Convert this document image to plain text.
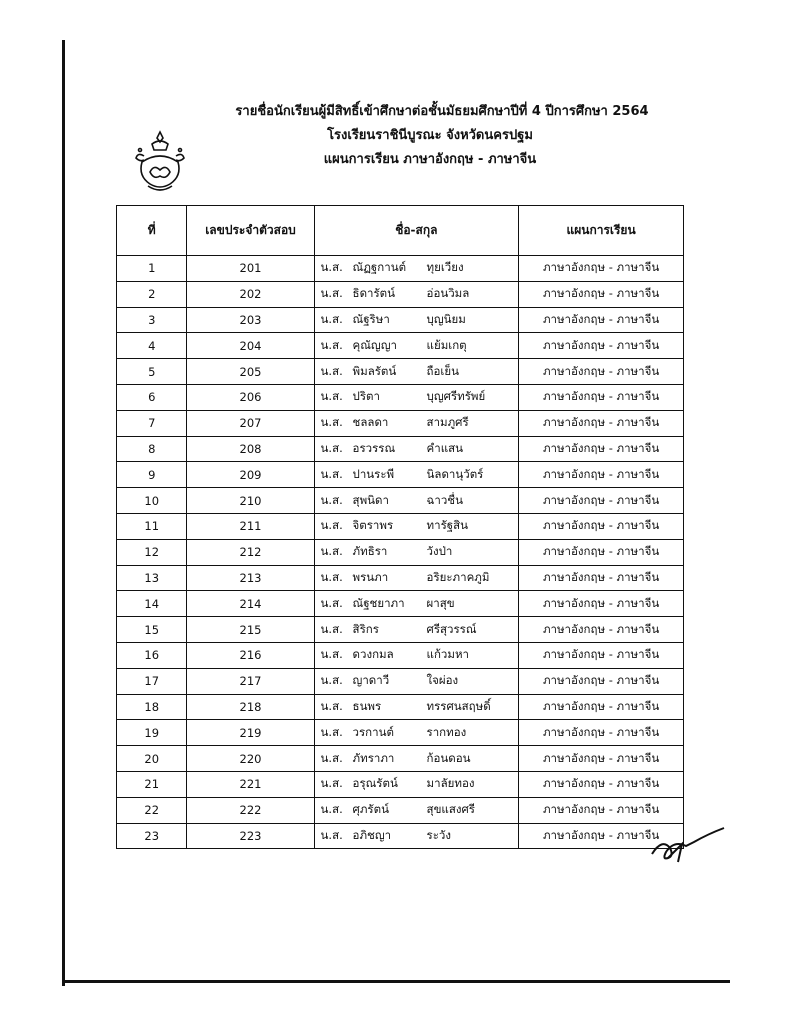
รายชื่อนักเรียนผู้มีสิทธิ์เข้าศึกษาต่อชั้นมัธยมศึกษาปีที่ 4 ปีการศึกษา 2564
โรงเรียนราชินีบูรณะ จังหวัดนครปฐม
แผนการเรียน ภาษาอังกฤษ - ภาษาจีน
ที่	เลขประจำตัวสอบ	ชื่อ-สกุล	แผนการเรียน
1	201	น.ส. ณัฏฐกานต์ ทุยเวียง	ภาษาอังกฤษ - ภาษาจีน
2	202	น.ส. ธิดารัตน์ อ่อนวิมล	ภาษาอังกฤษ - ภาษาจีน
3	203	น.ส. ณัฐริษา บุญนิยม	ภาษาอังกฤษ - ภาษาจีน
4	204	น.ส. คุณัญญา แย้มเกตุ	ภาษาอังกฤษ - ภาษาจีน
5	205	น.ส. พิมลรัตน์ ถือเย็น	ภาษาอังกฤษ - ภาษาจีน
6	206	น.ส. ปริตา บุญศรีทรัพย์	ภาษาอังกฤษ - ภาษาจีน
7	207	น.ส. ชลลดา สามภูศรี	ภาษาอังกฤษ - ภาษาจีน
8	208	น.ส. อรวรรณ คำแสน	ภาษาอังกฤษ - ภาษาจีน
9	209	น.ส. ปานระพี นิลดานุวัตร์	ภาษาอังกฤษ - ภาษาจีน
10	210	น.ส. สุพนิดา ฉาวชื่น	ภาษาอังกฤษ - ภาษาจีน
11	211	น.ส. จิตราพร ทารัฐสิน	ภาษาอังกฤษ - ภาษาจีน
12	212	น.ส. ภัทธิรา วังป่า	ภาษาอังกฤษ - ภาษาจีน
13	213	น.ส. พรนภา อริยะภาคภูมิ	ภาษาอังกฤษ - ภาษาจีน
14	214	น.ส. ณัฐชยาภา ผาสุข	ภาษาอังกฤษ - ภาษาจีน
15	215	น.ส. สิริกร ศรีสุวรรณ์	ภาษาอังกฤษ - ภาษาจีน
16	216	น.ส. ดวงกมล แก้วมหา	ภาษาอังกฤษ - ภาษาจีน
17	217	น.ส. ญาดาวี ใจผ่อง	ภาษาอังกฤษ - ภาษาจีน
18	218	น.ส. ธนพร ทรรศนสฤษดิ์	ภาษาอังกฤษ - ภาษาจีน
19	219	น.ส. วรกานต์ รากทอง	ภาษาอังกฤษ - ภาษาจีน
20	220	น.ส. ภัทราภา ก้อนดอน	ภาษาอังกฤษ - ภาษาจีน
21	221	น.ส. อรุณรัตน์ มาลัยทอง	ภาษาอังกฤษ - ภาษาจีน
22	222	น.ส. ศุภรัตน์ สุขแสงศรี	ภาษาอังกฤษ - ภาษาจีน
23	223	น.ส. อภิชญา ระวัง	ภาษาอังกฤษ - ภาษาจีน
